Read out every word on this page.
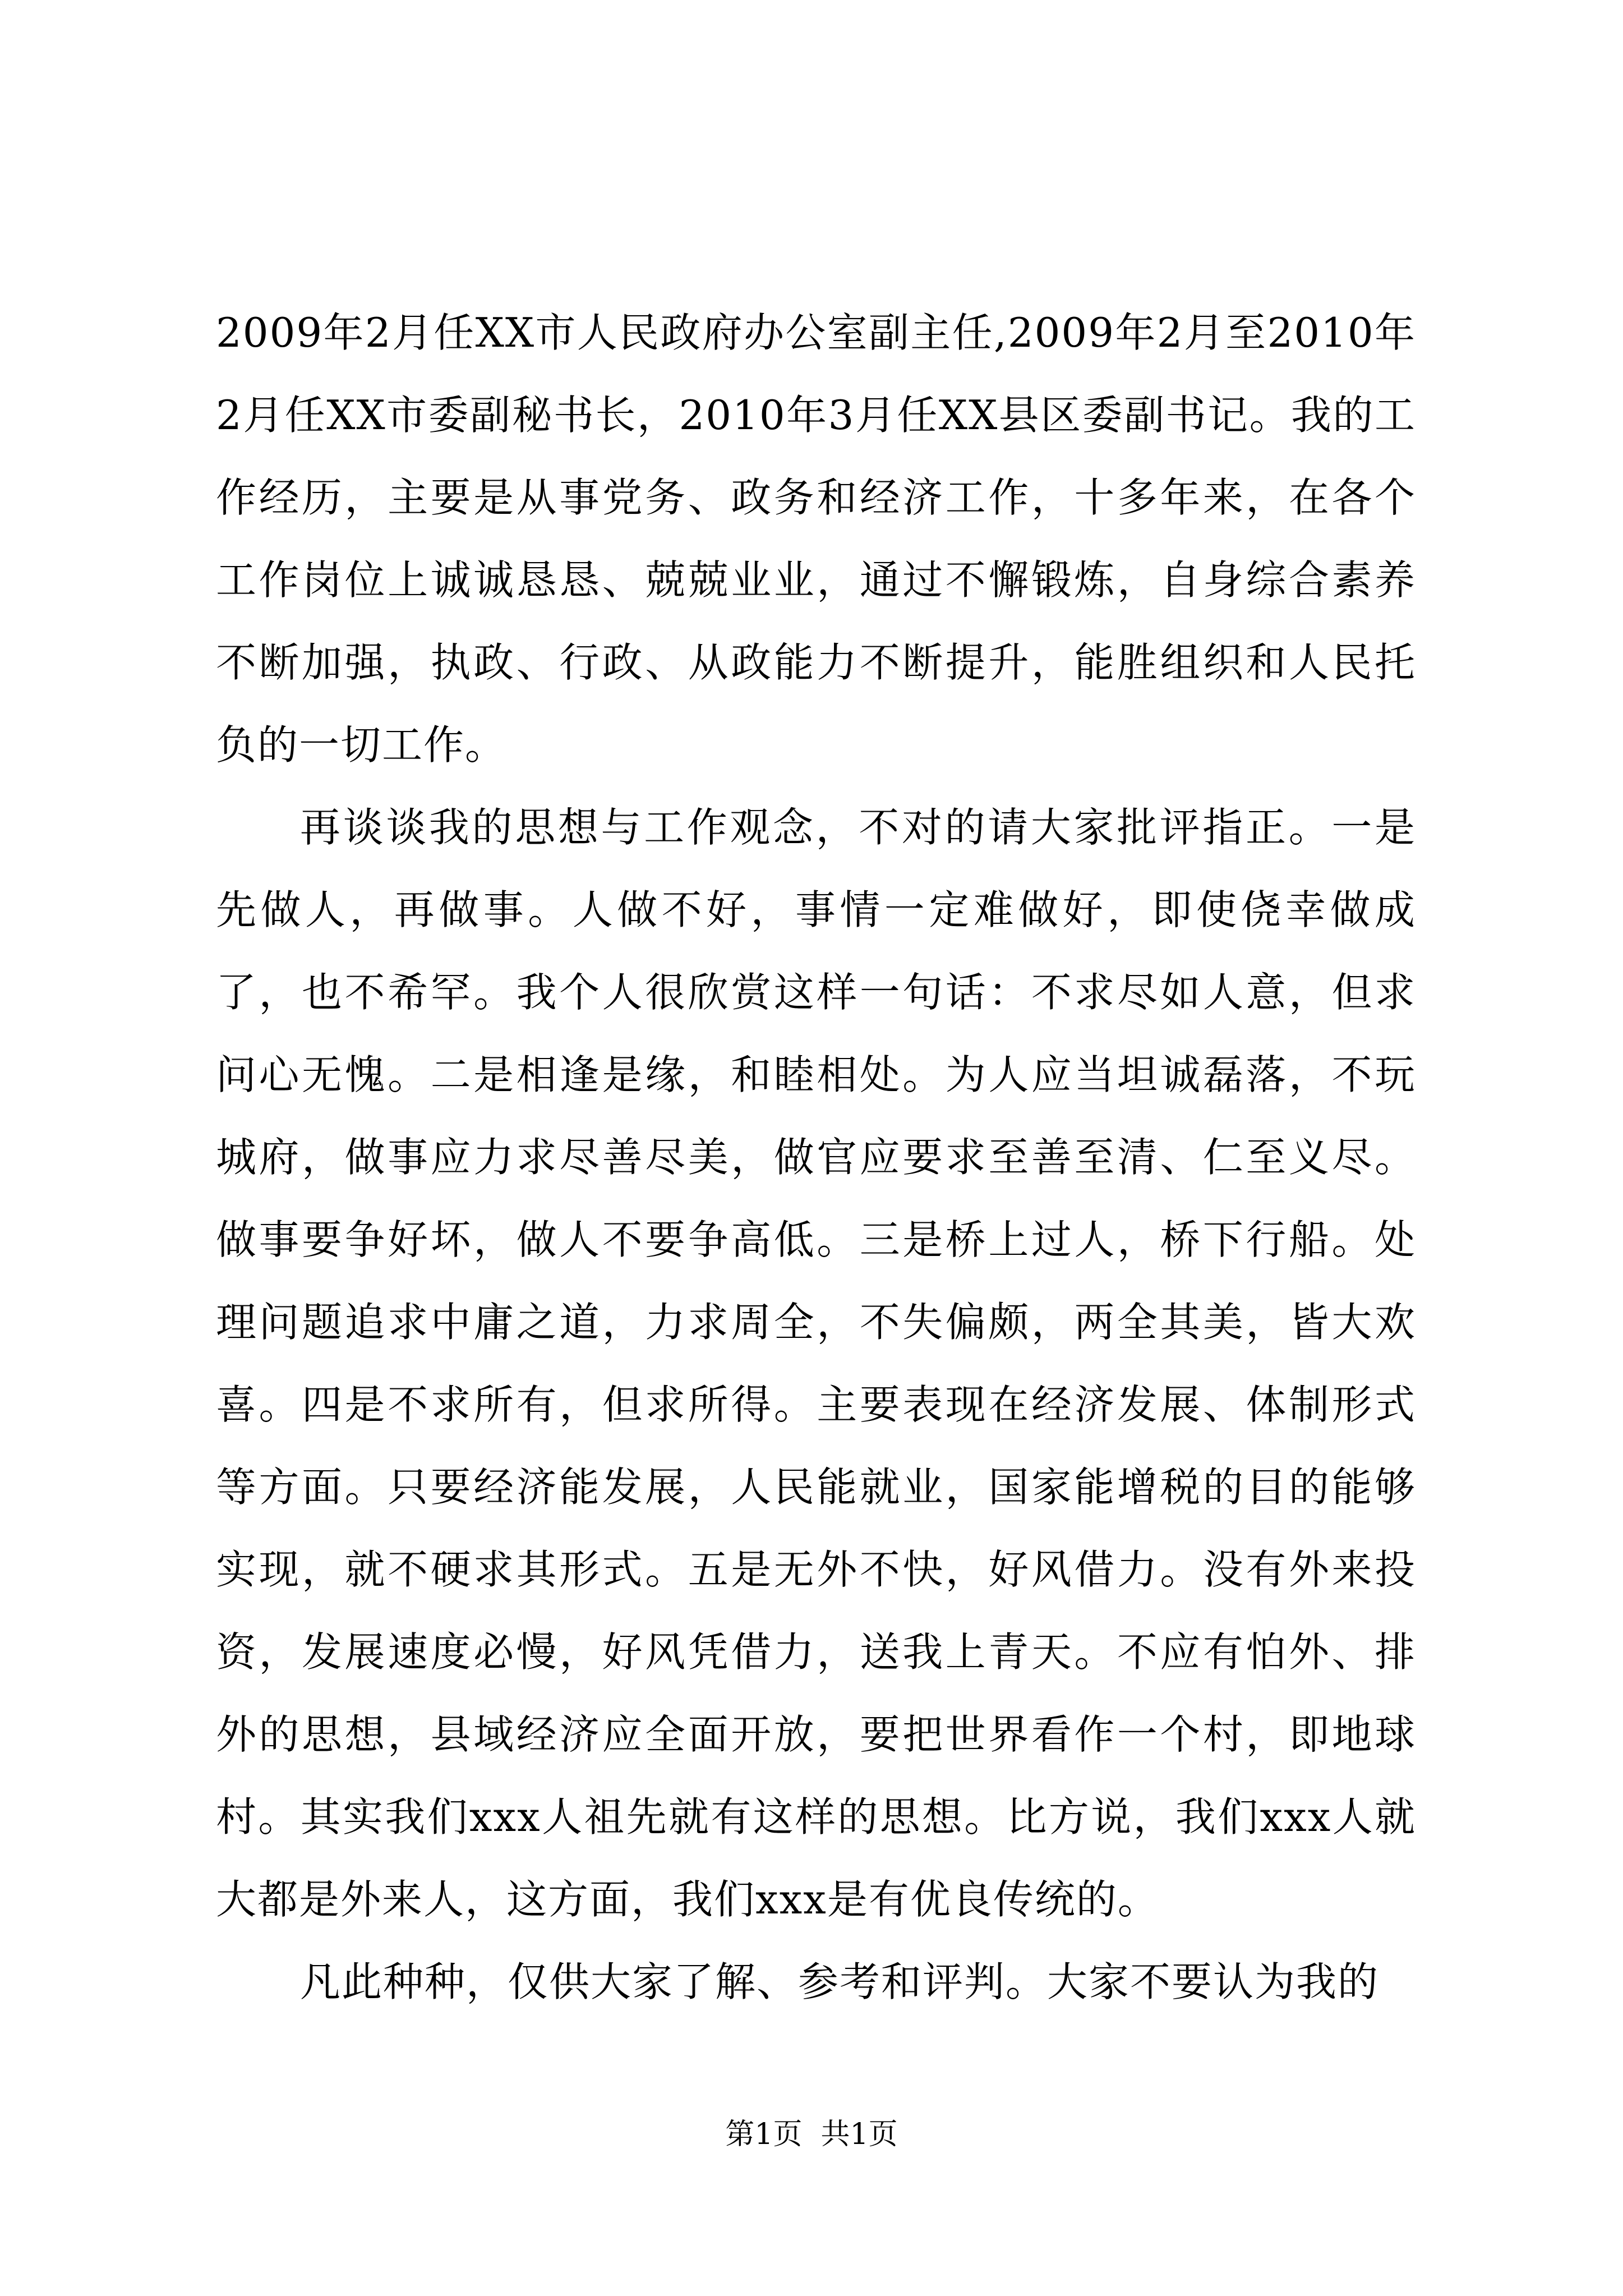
2009年2月任XX市人民政府办公室副主任,2009年2月至2010年2月任XX市委副秘书长，2010年3月任XX县区委副书记。我的工作经历，主要是从事党务、政务和经济工作，十多年来，在各个工作岗位上诚诚恳恳、兢兢业业，通过不懈锻炼，自身综合素养不断加强，执政、行政、从政能力不断提升，能胜组织和人民托负的一切工作。

再谈谈我的思想与工作观念，不对的请大家批评指正。一是先做人，再做事。人做不好，事情一定难做好，即使侥幸做成了，也不希罕。我个人很欣赏这样一句话：不求尽如人意，但求问心无愧。二是相逢是缘，和睦相处。为人应当坦诚磊落，不玩城府，做事应力求尽善尽美，做官应要求至善至清、仁至义尽。做事要争好坏，做人不要争高低。三是桥上过人，桥下行船。处理问题追求中庸之道，力求周全，不失偏颇，两全其美，皆大欢喜。四是不求所有，但求所得。主要表现在经济发展、体制形式等方面。只要经济能发展，人民能就业，国家能增税的目的能够实现，就不硬求其形式。五是无外不快，好风借力。没有外来投资，发展速度必慢，好风凭借力，送我上青天。不应有怕外、排外的思想，县域经济应全面开放，要把世界看作一个村，即地球村。其实我们xxx人祖先就有这样的思想。比方说，我们xxx人就大都是外来人，这方面，我们xxx是有优良传统的。

凡此种种，仅供大家了解、参考和评判。大家不要认为我的

第1页  共1页
